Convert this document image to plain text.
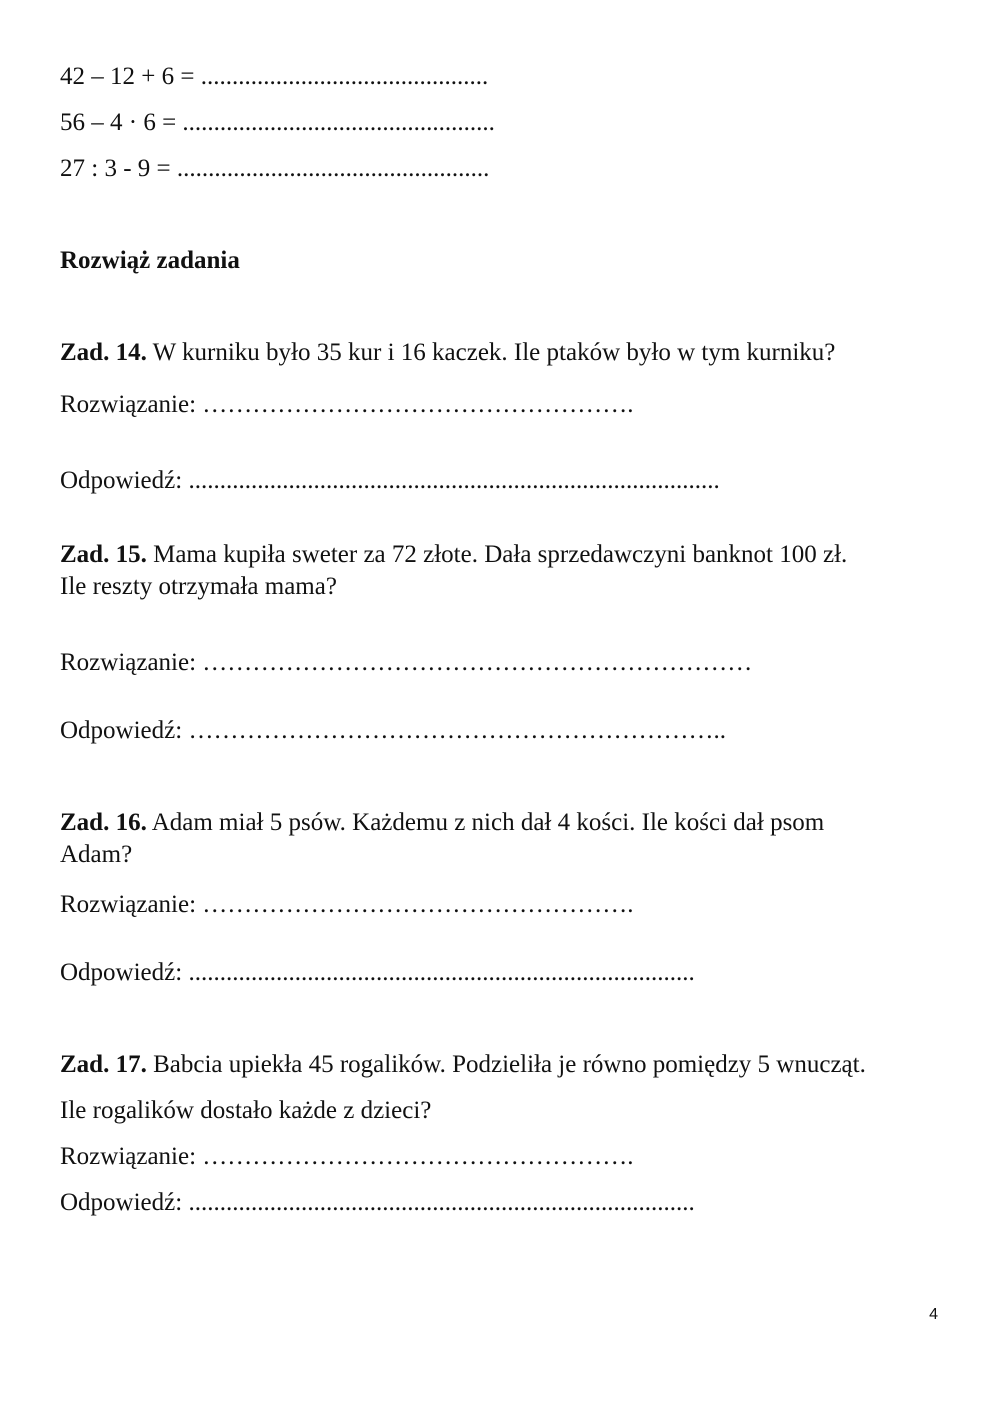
42 – 12 + 6 = ..............................................
56 – 4 · 6 = ..................................................
27 : 3 - 9 = ..................................................
Rozwiąż zadania
Zad. 14. W kurniku było 35 kur i 16 kaczek. Ile ptaków było w tym kurniku?
Rozwiązanie: …………………………………………….
Odpowiedź: .....................................................................................
Zad. 15. Mama kupiła sweter za 72 złote. Dała sprzedawczyni banknot 100 zł.
Ile reszty otrzymała mama?
Rozwiązanie: …………………………………………………………
Odpowiedź: ………………………………………………………..
Zad. 16. Adam miał 5 psów. Każdemu z nich dał 4 kości. Ile kości dał psom
Adam?
Rozwiązanie: …………………………………………….
Odpowiedź: .................................................................................
Zad. 17. Babcia upiekła 45 rogalików. Podzieliła je równo pomiędzy 5 wnucząt.
Ile rogalików dostało każde z dzieci?
Rozwiązanie: …………………………………………….
Odpowiedź: .................................................................................
4
